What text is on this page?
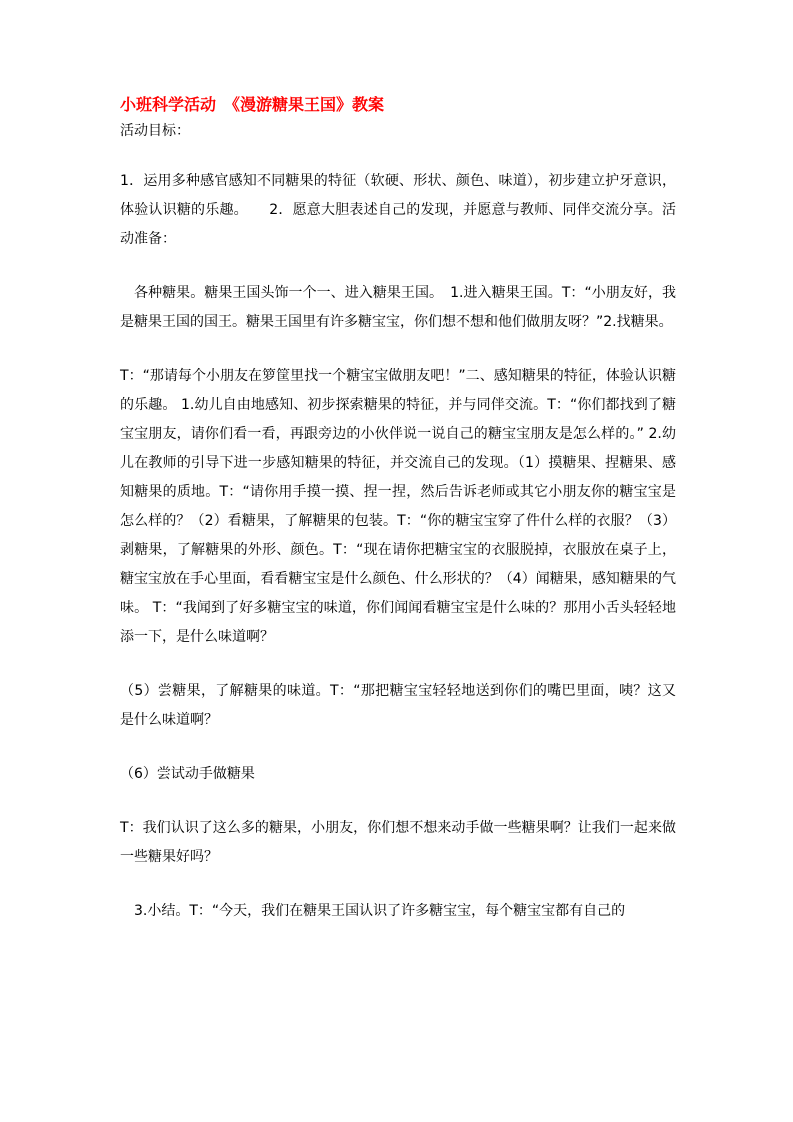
小班科学活动　《漫游糖果王国》教案

活动目标：

1．运用多种感官感知不同糖果的特征（软硬、形状、颜色、味道），初步建立护牙意识，体验认识糖的乐趣。　　2．愿意大胆表述自己的发现，并愿意与教师、同伴交流分享。活动准备：

　各种糖果。糖果王国头饰一个一、进入糖果王国。　1.进入糖果王国。T：“小朋友好，我是糖果王国的国王。糖果王国里有许多糖宝宝，你们想不想和他们做朋友呀？”2.找糖果。

T：“那请每个小朋友在箩筐里找一个糖宝宝做朋友吧！”二、感知糖果的特征，体验认识糖的乐趣。 1.幼儿自由地感知、初步探索糖果的特征，并与同伴交流。T：“你们都找到了糖宝宝朋友，请你们看一看，再跟旁边的小伙伴说一说自己的糖宝宝朋友是怎么样的。” 2.幼儿在教师的引导下进一步感知糖果的特征，并交流自己的发现。（1）摸糖果、捏糖果、感知糖果的质地。T：“请你用手摸一摸、捏一捏，然后告诉老师或其它小朋友你的糖宝宝是怎么样的？（2）看糖果，了解糖果的包装。T：“你的糖宝宝穿了件什么样的衣服？（3）剥糖果，了解糖果的外形、颜色。T：“现在请你把糖宝宝的衣服脱掉，衣服放在桌子上，糖宝宝放在手心里面，看看糖宝宝是什么颜色、什么形状的？（4）闻糖果，感知糖果的气味。 T：“我闻到了好多糖宝宝的味道，你们闻闻看糖宝宝是什么味的？那用小舌头轻轻地添一下，是什么味道啊？

（5）尝糖果，了解糖果的味道。T：“那把糖宝宝轻轻地送到你们的嘴巴里面，咦？这又是什么味道啊？

（6）尝试动手做糖果

T：我们认识了这么多的糖果，小朋友，你们想不想来动手做一些糖果啊？让我们一起来做一些糖果好吗？

　3.小结。T：“今天，我们在糖果王国认识了许多糖宝宝，每个糖宝宝都有自己的
